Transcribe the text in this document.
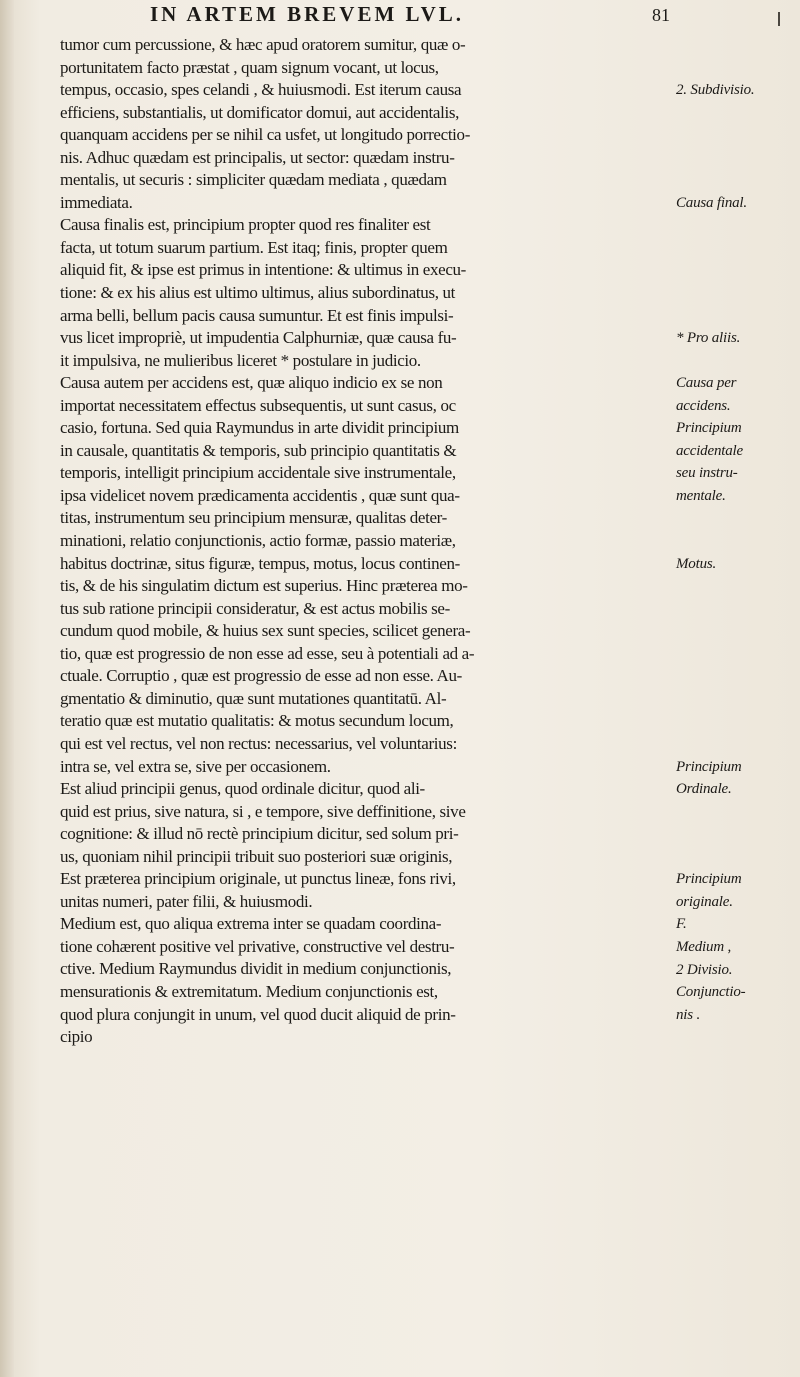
IN ARTEM BREVEM LVL.	81
tumor cum percussione, & hæc apud oratorem sumitur, quæ o-
portunitatem facto præstat , quam signum vocant, ut locus,
tempus, occasio, spes celandi , & huiusmodi. Est iterum causa
efficiens, substantialis, ut domificator domui, aut accidentalis,
quanquam accidens per se nihil ca usfet, ut longitudo porrectio-
nis. Adhuc quædam est principalis, ut sector: quædam instru-
mentalis, ut securis : simpliciter quædam mediata , quædam
immediata.
Causa finalis est, principium propter quod res finaliter est
facta, ut totum suarum partium. Est itaq; finis, propter quem
aliquid fit, & ipse est primus in intentione: & ultimus in execu-
tione: & ex his alius est ultimo ultimus, alius subordinatus, ut
arma belli, bellum pacis causa sumuntur. Et est finis impulsi-
vus licet impropriè, ut impudentia Calphurniæ, quæ causa fu-
it impulsiva, ne mulieribus liceret * postulare in judicio.
Causa autem per accidens est, quæ aliquo indicio ex se non
importat necessitatem effectus subsequentis, ut sunt casus, oc
casio, fortuna. Sed quia Raymundus in arte dividit principium
in causale, quantitatis & temporis, sub principio quantitatis &
temporis, intelligit principium accidentale sive instrumentale,
ipsa videlicet novem prædicamenta accidentis , quæ sunt qua-
titas, instrumentum seu principium mensuræ, qualitas deter-
minationi, relatio conjunctionis, actio formæ, passio materiæ,
habitus doctrinæ, situs figuræ, tempus, motus, locus continen-
tis, & de his singulatim dictum est superius. Hinc præterea mo-
tus sub ratione principii consideratur, & est actus mobilis se-
cundum quod mobile, & huius sex sunt species, scilicet genera-
tio, quæ est progressio de non esse ad esse, seu à potentiali ad a-
ctuale. Corruptio , quæ est progressio de esse ad non esse. Au-
gmentatio & diminutio, quæ sunt mutationes quantitatū. Al-
teratio quæ est mutatio qualitatis: & motus secundum locum,
qui est vel rectus, vel non rectus: necessarius, vel voluntarius:
intra se, vel extra se, sive per occasionem.
Est aliud principii genus, quod ordinale dicitur, quod ali-
quid est prius, sive natura, si , e tempore, sive deffinitione, sive
cognitione: & illud nō rectè principium dicitur, sed solum pri-
us, quoniam nihil principii tribuit suo posteriori suæ originis,
Est præterea principium originale, ut punctus lineæ, fons rivi,
unitas numeri, pater filii, & huiusmodi.
Medium est, quo aliqua extrema inter se quadam coordina-
tione cohærent positive vel privative, constructive vel destru-
ctive. Medium Raymundus dividit in medium conjunctionis,
mensurationis & extremitatum. Medium conjunctionis est,
quod plura conjungit in unum, vel quod ducit aliquid de prin-
cipio
2. Subdivisio.
Causa final.
* Pro aliis.
Causa per
accidens.
Principium
accidentale
seu instru-
mentale.
Motus.
Principium
Ordinale.
Principium
originale.
F.
Medium ,
2 Divisio.
Conjunctio-
nis .
